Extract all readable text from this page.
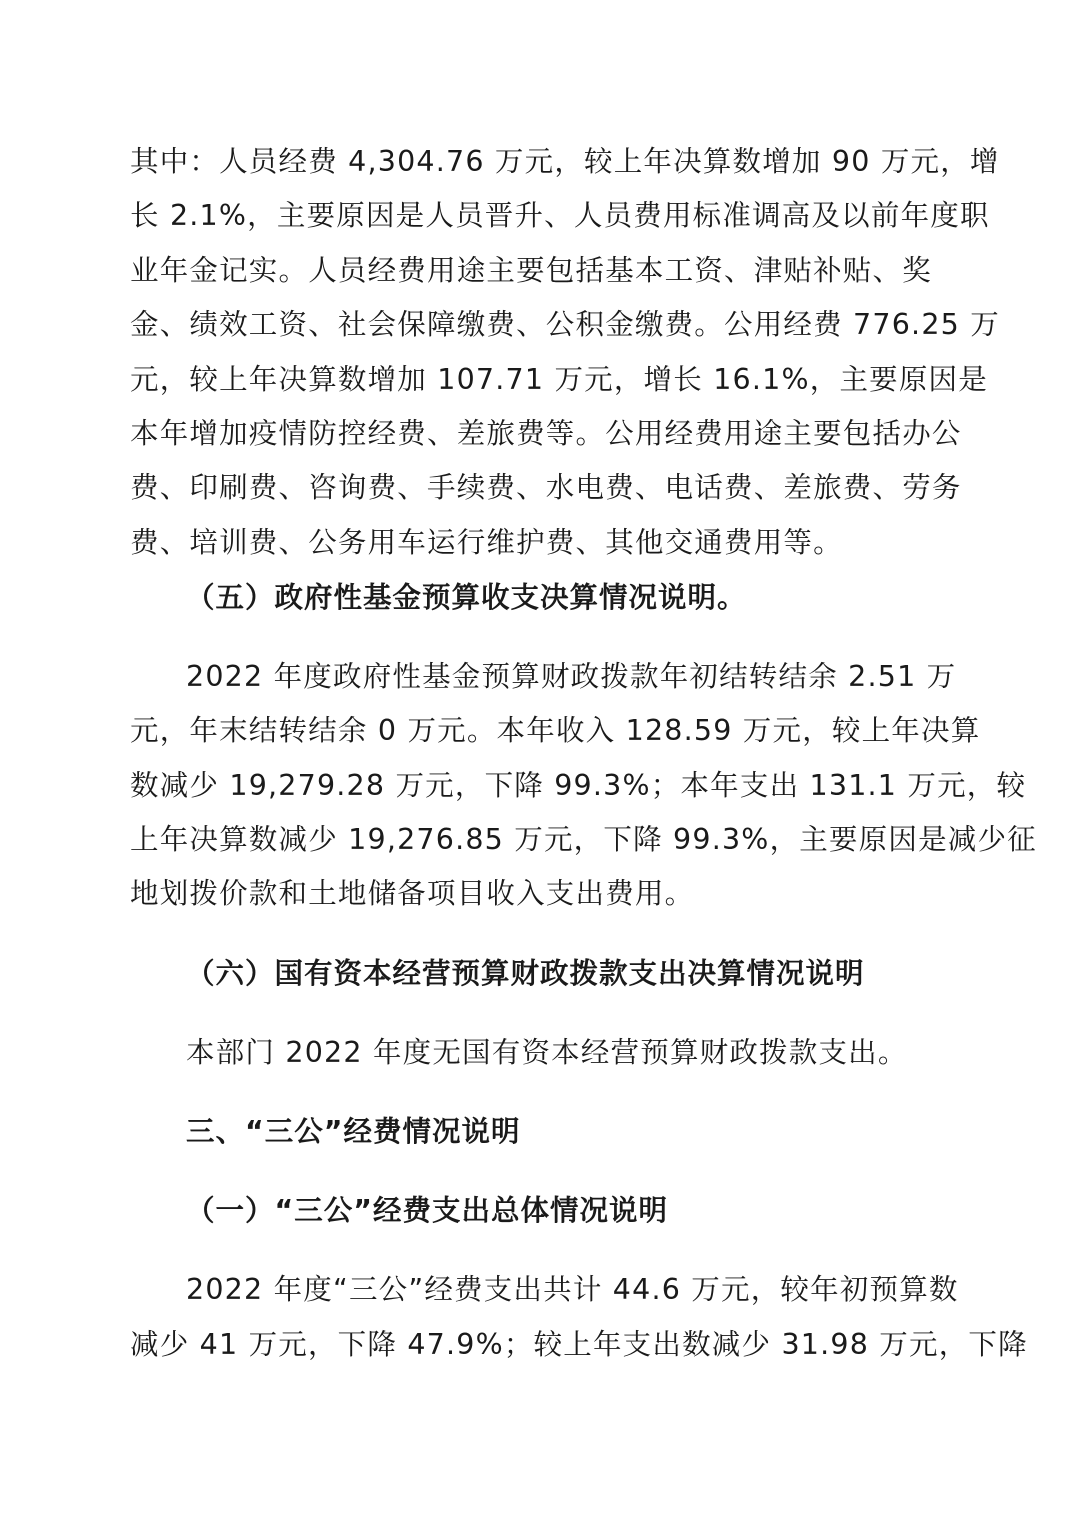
其中：人员经费 4,304.76 万元，较上年决算数增加 90 万元，增
长 2.1%，主要原因是人员晋升、人员费用标准调高及以前年度职
业年金记实。人员经费用途主要包括基本工资、津贴补贴、奖
金、绩效工资、社会保障缴费、公积金缴费。公用经费 776.25 万
元，较上年决算数增加 107.71 万元，增长 16.1%，主要原因是
本年增加疫情防控经费、差旅费等。公用经费用途主要包括办公
费、印刷费、咨询费、手续费、水电费、电话费、差旅费、劳务
费、培训费、公务用车运行维护费、其他交通费用等。
（五）政府性基金预算收支决算情况说明。
2022 年度政府性基金预算财政拨款年初结转结余 2.51 万
元，年末结转结余 0 万元。本年收入 128.59 万元，较上年决算
数减少 19,279.28 万元，下降 99.3%；本年支出 131.1 万元，较
上年决算数减少 19,276.85 万元，下降 99.3%，主要原因是减少征
地划拨价款和土地储备项目收入支出费用。
（六）国有资本经营预算财政拨款支出决算情况说明
本部门 2022 年度无国有资本经营预算财政拨款支出。
三、“三公”经费情况说明
（一）“三公”经费支出总体情况说明
2022 年度“三公”经费支出共计 44.6 万元，较年初预算数
减少 41 万元，下降 47.9%；较上年支出数减少 31.98 万元，下降
